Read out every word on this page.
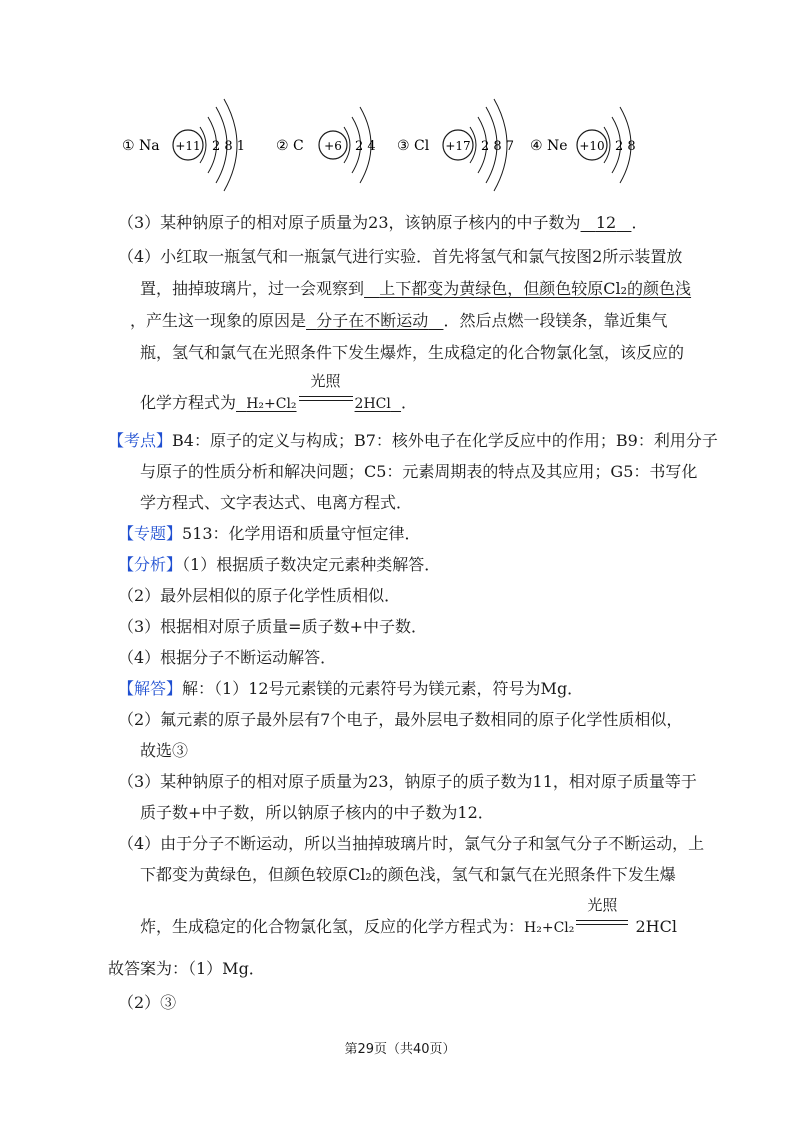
① Na +11 2 8 1 ② C +6 2 4 ③ Cl +17 2 8 7 ④ Ne +10 2 8
（3）某种钠原子的相对原子质量为23，该钠原子核内的中子数为 12 ．
（4）小红取一瓶氢气和一瓶氯气进行实验．首先将氢气和氯气按图2所示装置放
置，抽掉玻璃片，过一会观察到 上下都变为黄绿色，但颜色较原Cl₂的颜色浅
，产生这一现象的原因是 分子在不断运动 ．然后点燃一段镁条，靠近集气
瓶，氢气和氯气在光照条件下发生爆炸，生成稳定的化合物氯化氢，该反应的
化学方程式为 H₂+Cl₂
光照
2HCl ．
【考点】B4：原子的定义与构成；B7：核外电子在化学反应中的作用；B9：利用分子
与原子的性质分析和解决问题；C5：元素周期表的特点及其应用；G5：书写化
学方程式、文字表达式、电离方程式．
【专题】513：化学用语和质量守恒定律．
【分析】（1）根据质子数决定元素种类解答．
（2）最外层相似的原子化学性质相似．
（3）根据相对原子质量=质子数+中子数．
（4）根据分子不断运动解答．
【解答】解：（1）12号元素镁的元素符号为镁元素，符号为Mg．
（2）氟元素的原子最外层有7个电子，最外层电子数相同的原子化学性质相似，
故选③
（3）某种钠原子的相对原子质量为23，钠原子的质子数为11，相对原子质量等于
质子数+中子数，所以钠原子核内的中子数为12．
（4）由于分子不断运动，所以当抽掉玻璃片时，氯气分子和氢气分子不断运动，上
下都变为黄绿色，但颜色较原Cl₂的颜色浅，氢气和氯气在光照条件下发生爆
炸，生成稳定的化合物氯化氢，反应的化学方程式为：H₂+Cl₂
光照
2HCl
故答案为：（1）Mg．
（2）③
第29页（共40页）
